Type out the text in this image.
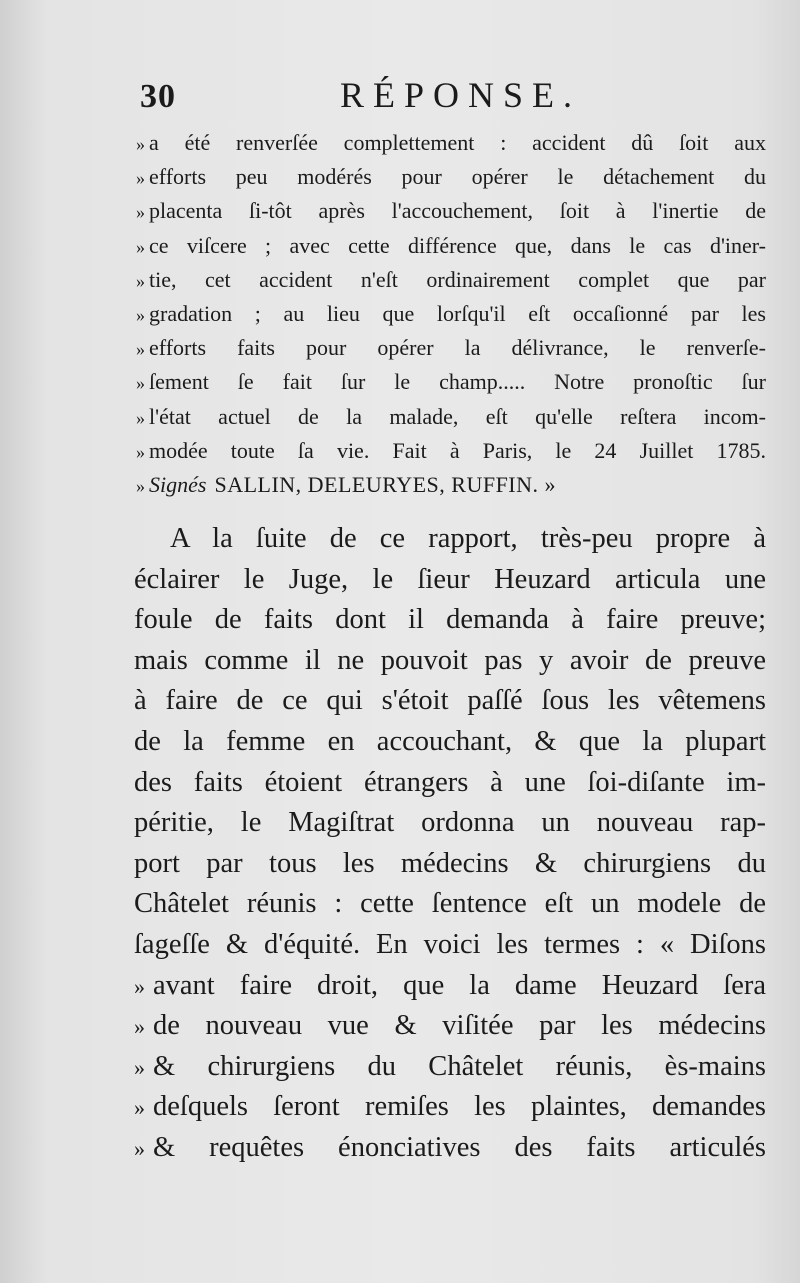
30	RÉPONSE.
» a été renverſée complettement : accident dû ſoit aux
» efforts peu modérés pour opérer le détachement du
» placenta ſi-tôt après l'accouchement, ſoit à l'inertie de
» ce viſcere ; avec cette différence que, dans le cas d'iner-
» tie, cet accident n'eſt ordinairement complet que par
» gradation ; au lieu que lorſqu'il eſt occaſionné par les
» efforts faits pour opérer la délivrance, le renverſe-
» ſement ſe fait ſur le champ..... Notre pronoſtic ſur
» l'état actuel de la malade, eſt qu'elle reſtera incom-
» modée toute ſa vie. Fait à Paris, le 24 Juillet 1785.
» Signés SALLIN, DELEURYES, RUFFIN. »
A la ſuite de ce rapport, très-peu propre à
éclairer le Juge, le ſieur Heuzard articula une
foule de faits dont il demanda à faire preuve;
mais comme il ne pouvoit pas y avoir de preuve
à faire de ce qui s'étoit paſſé ſous les vêtemens
de la femme en accouchant, & que la plupart
des faits étoient étrangers à une ſoi-diſante im-
péritie, le Magiſtrat ordonna un nouveau rap-
port par tous les médecins & chirurgiens du
Châtelet réunis : cette ſentence eſt un modele de
ſageſſe & d'équité. En voici les termes : « Diſons
» avant faire droit, que la dame Heuzard ſera
» de nouveau vue & viſitée par les médecins
» & chirurgiens du Châtelet réunis, ès-mains
» deſquels ſeront remiſes les plaintes, demandes
» & requêtes énonciatives des faits articulés
